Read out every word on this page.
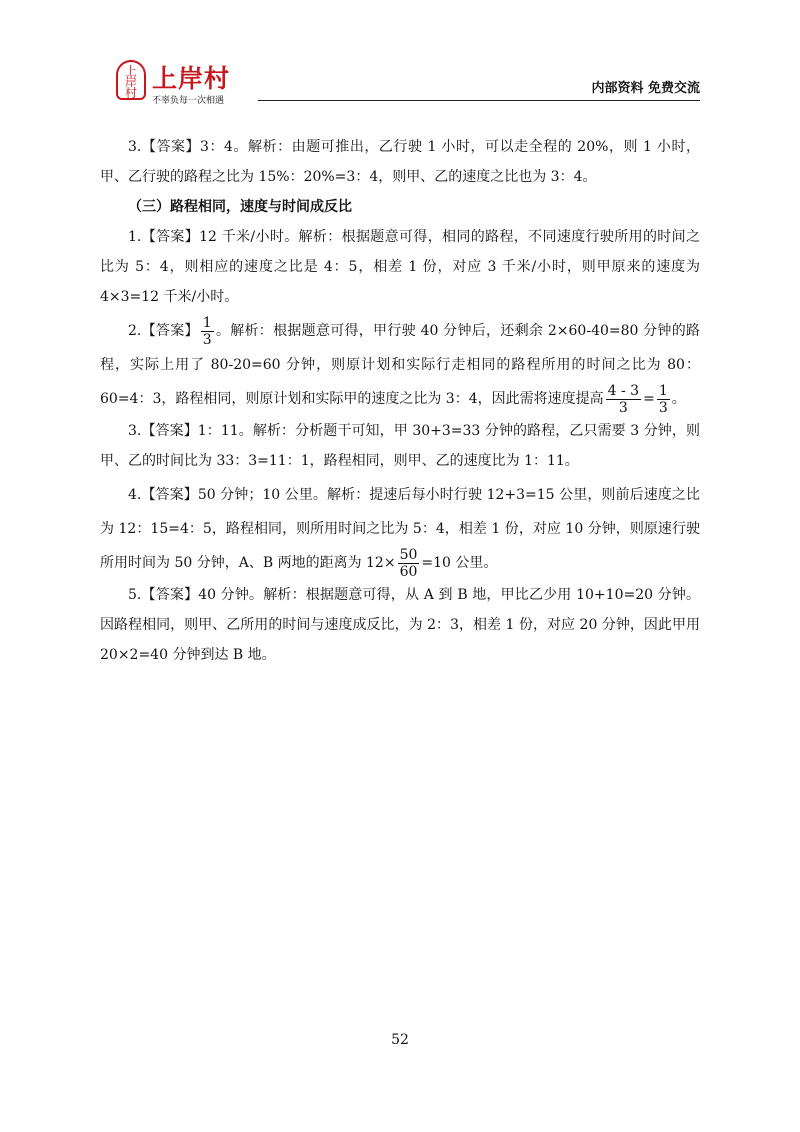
上
岸
村 上岸村
不辜负每一次相遇
内部资料 免费交流

3.【答案】3：4。解析：由题可推出，乙行驶 1 小时，可以走全程的 20%，则 1 小时，甲、乙行驶的路程之比为 15%：20%=3：4，则甲、乙的速度之比也为 3：4。

（三）路程相同，速度与时间成反比

1.【答案】12 千米/小时。解析：根据题意可得，相同的路程，不同速度行驶所用的时间之比为 5：4，则相应的速度之比是 4：5，相差 1 份，对应 3 千米/小时，则甲原来的速度为 4×3=12 千米/小时。

2.【答案】 $\frac{1}{3}$ 。解析：根据题意可得，甲行驶 40 分钟后，还剩余 2×60-40=80 分钟的路程，实际上用了 80-20=60 分钟，则原计划和实际行走相同的路程所用的时间之比为 80：60=4：3，路程相同，则原计划和实际甲的速度之比为 3：4，因此需将速度提高 $\frac{4 - 3}{3} = \frac{1}{3}$ 。

3.【答案】1：11。解析：分析题干可知，甲 30+3=33 分钟的路程，乙只需要 3 分钟，则甲、乙的时间比为 33：3=11：1，路程相同，则甲、乙的速度比为 1：11。

4.【答案】50 分钟；10 公里。解析：提速后每小时行驶 12+3=15 公里，则前后速度之比为 12：15=4：5，路程相同，则所用时间之比为 5：4，相差 1 份，对应 10 分钟，则原速行驶所用时间为 50 分钟，A、B 两地的距离为 $12\times \frac{50}{60} =10$ 公里。

5.【答案】40 分钟。解析：根据题意可得，从 A 到 B 地，甲比乙少用 10+10=20 分钟。因路程相同，则甲、乙所用的时间与速度成反比，为 2：3，相差 1 份，对应 20 分钟，因此甲用 20×2=40 分钟到达 B 地。

52
